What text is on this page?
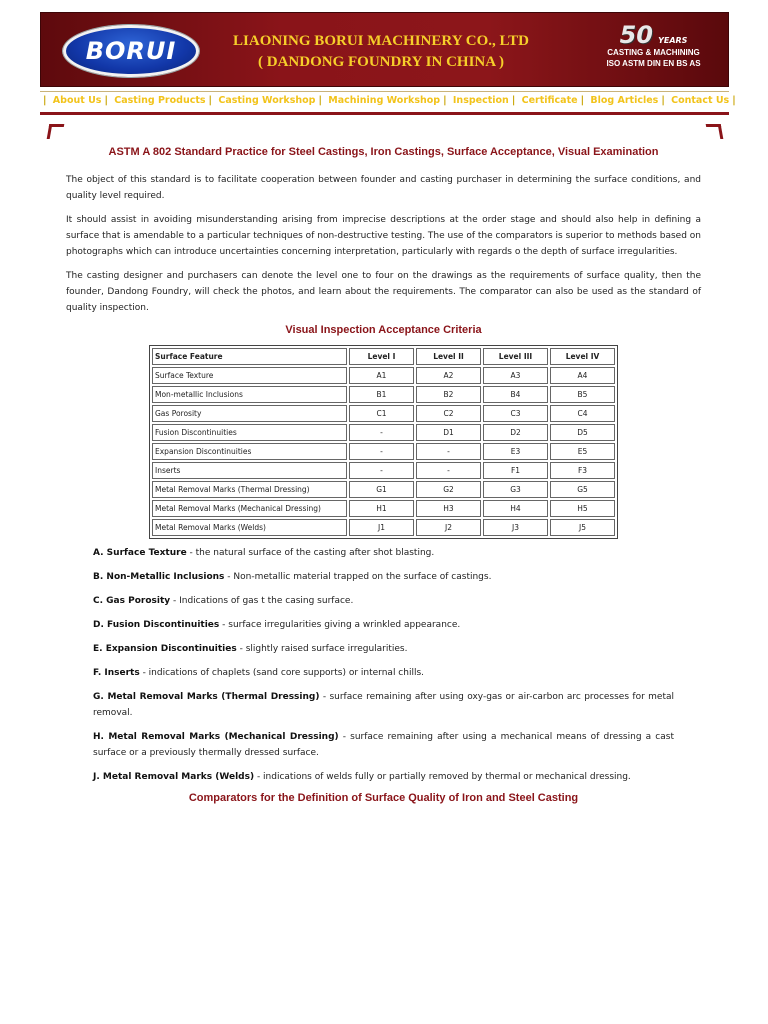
BORUI	LIAONING BORUI MACHINERY CO., LTD
( DANDONG FOUNDRY IN CHINA )
50 YEARS
CASTING & MACHINING
ISO ASTM DIN EN BS AS
| About Us | Casting Products | Casting Workshop | Machining Workshop | Inspection | Certificate | Blog Articles | Contact Us |
ASTM A 802 Standard Practice for Steel Castings, Iron Castings, Surface Acceptance, Visual Examination

The object of this standard is to facilitate cooperation between founder and casting purchaser in determining the surface conditions, and quality level required.

It should assist in avoiding misunderstanding arising from imprecise descriptions at the order stage and should also help in defining a surface that is amendable to a particular techniques of non-destructive testing. The use of the comparators is superior to methods based on photographs which can introduce uncertainties concerning interpretation, particularly with regards o the depth of surface irregularities.

The casting designer and purchasers can denote the level one to four on the drawings as the requirements of surface quality, then the founder, Dandong Foundry, will check the photos, and learn about the requirements. The comparator can also be used as the standard of quality inspection.

Visual Inspection Acceptance Criteria
Surface Feature	Level I	Level II	Level III	Level IV
Surface Texture	A1	A2	A3	A4
Mon-metallic Inclusions	B1	B2	B4	B5
Gas Porosity	C1	C2	C3	C4
Fusion Discontinuities	-	D1	D2	D5
Expansion Discontinuities	-	-	E3	E5
Inserts	-	-	F1	F3
Metal Removal Marks (Thermal Dressing)	G1	G2	G3	G5
Metal Removal Marks (Mechanical Dressing)	H1	H3	H4	H5
Metal Removal Marks (Welds)	J1	J2	J3	J5
A. Surface Texture - the natural surface of the casting after shot blasting.
B. Non-Metallic Inclusions - Non-metallic material trapped on the surface of castings.
C. Gas Porosity - Indications of gas t the casing surface.
D. Fusion Discontinuities - surface irregularities giving a wrinkled appearance.
E. Expansion Discontinuities - slightly raised surface irregularities.
F. Inserts - indications of chaplets (sand core supports) or internal chills.
G. Metal Removal Marks (Thermal Dressing) - surface remaining after using oxy-gas or air-carbon arc processes for metal removal.
H. Metal Removal Marks (Mechanical Dressing) - surface remaining after using a mechanical means of dressing a cast surface or a previously thermally dressed surface.
J. Metal Removal Marks (Welds) - indications of welds fully or partially removed by thermal or mechanical dressing.
Comparators for the Definition of Surface Quality of Iron and Steel Casting
